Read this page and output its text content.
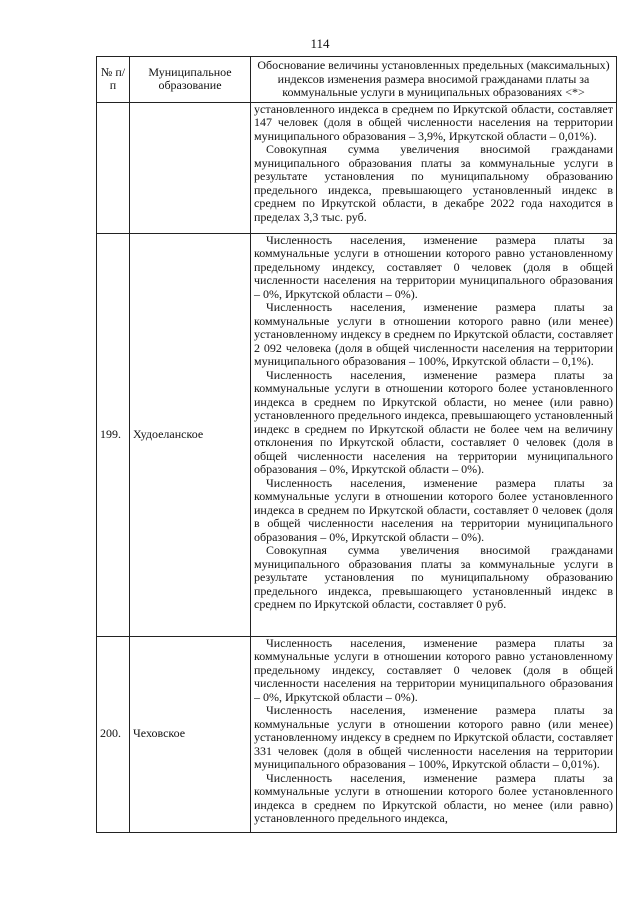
114
№ п/п	Муниципальное образование	Обоснование величины установленных предельных (максимальных) индексов изменения размера вносимой гражданами платы за коммунальные услуги в муниципальных образованиях <*>

		установленного индекса в среднем по Иркутской области, составляет 147 человек (доля в общей численности населения на территории муниципального образования – 3,9%, Иркутской области – 0,01%).

Совокупная сумма увеличения вносимой гражданами муниципального образования платы за коммунальные услуги в результате установления по муниципальному образованию предельного индекса, превышающего установленный индекс в среднем по Иркутской области, в декабре 2022 года находится в пределах 3,3 тыс. руб.

199.	Худоеланское	Численность населения, изменение размера платы за коммунальные услуги в отношении которого равно установленному предельному индексу, составляет 0 человек (доля в общей численности населения на территории муниципального образования – 0%, Иркутской области – 0%).

Численность населения, изменение размера платы за коммунальные услуги в отношении которого равно (или менее) установленному индексу в среднем по Иркутской области, составляет 2 092 человека (доля в общей численности населения на территории муниципального образования – 100%, Иркутской области – 0,1%).

Численность населения, изменение размера платы за коммунальные услуги в отношении которого более установленного индекса в среднем по Иркутской области, но менее (или равно) установленного предельного индекса, превышающего установленный индекс в среднем по Иркутской области не более чем на величину отклонения по Иркутской области, составляет 0 человек (доля в общей численности населения на территории муниципального образования – 0%, Иркутской области – 0%).

Численность населения, изменение размера платы за коммунальные услуги в отношении которого более установленного индекса в среднем по Иркутской области, составляет 0 человек (доля в общей численности населения на территории муниципального образования – 0%, Иркутской области – 0%).

Совокупная сумма увеличения вносимой гражданами муниципального образования платы за коммунальные услуги в результате установления по муниципальному образованию предельного индекса, превышающего установленный индекс в среднем по Иркутской области, составляет 0 руб.

200.	Чеховское	Численность населения, изменение размера платы за коммунальные услуги в отношении которого равно установленному предельному индексу, составляет 0 человек (доля в общей численности населения на территории муниципального образования – 0%, Иркутской области – 0%).

Численность населения, изменение размера платы за коммунальные услуги в отношении которого равно (или менее) установленному индексу в среднем по Иркутской области, составляет 331 человек (доля в общей численности населения на территории муниципального образования – 100%, Иркутской области – 0,01%).

Численность населения, изменение размера платы за коммунальные услуги в отношении которого более установленного индекса в среднем по Иркутской области, но менее (или равно) установленного предельного индекса,
